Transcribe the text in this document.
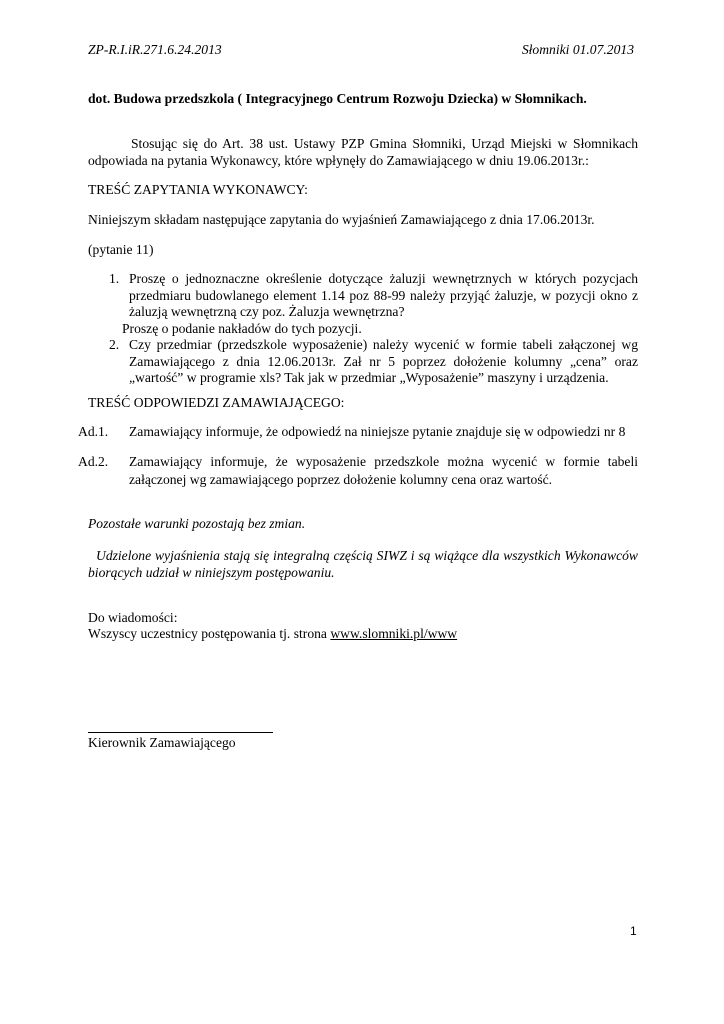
ZP-R.I.iR.271.6.24.2013	Słomniki 01.07.2013
dot. Budowa przedszkola ( Integracyjnego Centrum Rozwoju Dziecka) w Słomnikach.
Stosując się do Art. 38 ust. Ustawy PZP Gmina Słomniki, Urząd Miejski w Słomnikach odpowiada na pytania Wykonawcy, które wpłynęły do Zamawiającego w dniu 19.06.2013r.:
TREŚĆ ZAPYTANIA WYKONAWCY:
Niniejszym składam następujące zapytania do wyjaśnień Zamawiającego z dnia 17.06.2013r.
(pytanie 11)
1. Proszę o jednoznaczne określenie dotyczące żaluzji wewnętrznych w których pozycjach przedmiaru budowlanego element 1.14 poz 88-99 należy przyjąć żaluzje, w pozycji okno z żaluzją wewnętrzną czy poz. Żaluzja wewnętrzna?
Proszę o podanie nakładów do tych pozycji.
2. Czy przedmiar (przedszkole wyposażenie) należy wycenić w formie tabeli załączonej wg Zamawiającego z dnia 12.06.2013r. Zał nr 5 poprzez dołożenie kolumny „cena” oraz „wartość” w programie xls? Tak jak w przedmiar „Wyposażenie” maszyny i urządzenia.
TREŚĆ ODPOWIEDZI ZAMAWIAJĄCEGO:
Ad.1. Zamawiający informuje, że odpowiedź na niniejsze pytanie znajduje się w odpowiedzi nr 8
Ad.2. Zamawiający informuje, że wyposażenie przedszkole można wycenić w formie tabeli załączonej wg zamawiającego poprzez dołożenie kolumny cena oraz wartość.
Pozostałe warunki pozostają bez zmian.
Udzielone wyjaśnienia stają się integralną częścią SIWZ i są wiążące dla wszystkich Wykonawców biorących udział w niniejszym postępowaniu.
Do wiadomości:
Wszyscy uczestnicy postępowania tj. strona www.slomniki.pl/www
Kierownik Zamawiającego
1
